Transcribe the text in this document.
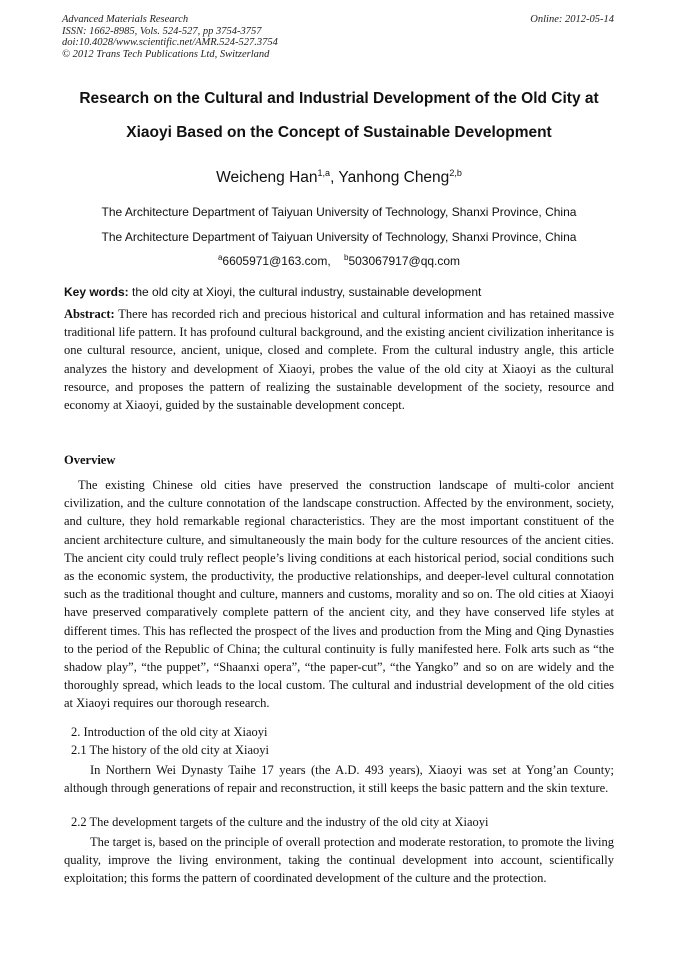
Advanced Materials Research
ISSN: 1662-8985, Vols. 524-527, pp 3754-3757
doi:10.4028/www.scientific.net/AMR.524-527.3754
© 2012 Trans Tech Publications Ltd, Switzerland
Online: 2012-05-14
Research on the Cultural and Industrial Development of the Old City at
Xiaoyi Based on the Concept of Sustainable Development
Weicheng Han$^{1,a}$, Yanhong Cheng$^{2,b}$
The Architecture Department of Taiyuan University of Technology, Shanxi Province, China
The Architecture Department of Taiyuan University of Technology, Shanxi Province, China
$^a$6605971@163.com, $^b$503067917@qq.com
Key words: the old city at Xioyi, the cultural industry, sustainable development
Abstract: There has recorded rich and precious historical and cultural information and has retained massive traditional life pattern. It has profound cultural background, and the existing ancient civilization inheritance is one cultural resource, ancient, unique, closed and complete. From the cultural industry angle, this article analyzes the history and development of Xiaoyi, probes the value of the old city at Xiaoyi as the cultural resource, and proposes the pattern of realizing the sustainable development of the society, resource and economy at Xiaoyi, guided by the sustainable development concept.
Overview
The existing Chinese old cities have preserved the construction landscape of multi-color ancient civilization, and the culture connotation of the landscape construction. Affected by the environment, society, and culture, they hold remarkable regional characteristics. They are the most important constituent of the ancient architecture culture, and simultaneously the main body for the culture resources of the ancient cities. The ancient city could truly reflect people’s living conditions at each historical period, social conditions such as the economic system, the productivity, the productive relationships, and deeper-level cultural connotation such as the traditional thought and culture, manners and customs, morality and so on. The old cities at Xiaoyi have preserved comparatively complete pattern of the ancient city, and they have conserved life styles at different times. This has reflected the prospect of the lives and production from the Ming and Qing Dynasties to the period of the Republic of China; the cultural continuity is fully manifested here. Folk arts such as “the shadow play”, “the puppet”, “Shaanxi opera”, “the paper-cut”, “the Yangko” and so on are widely and the thoroughly spread, which leads to the local custom. The cultural and industrial development of the old cities at Xiaoyi requires our thorough research.
2. Introduction of the old city at Xiaoyi
2.1 The history of the old city at Xiaoyi
In Northern Wei Dynasty Taihe 17 years (the A.D. 493 years), Xiaoyi was set at Yong’an County; although through generations of repair and reconstruction, it still keeps the basic pattern and the skin texture.
2.2 The development targets of the culture and the industry of the old city at Xiaoyi
The target is, based on the principle of overall protection and moderate restoration, to promote the living quality, improve the living environment, taking the continual development into account, scientifically exploitation; this forms the pattern of coordinated development of the culture and the protection.
